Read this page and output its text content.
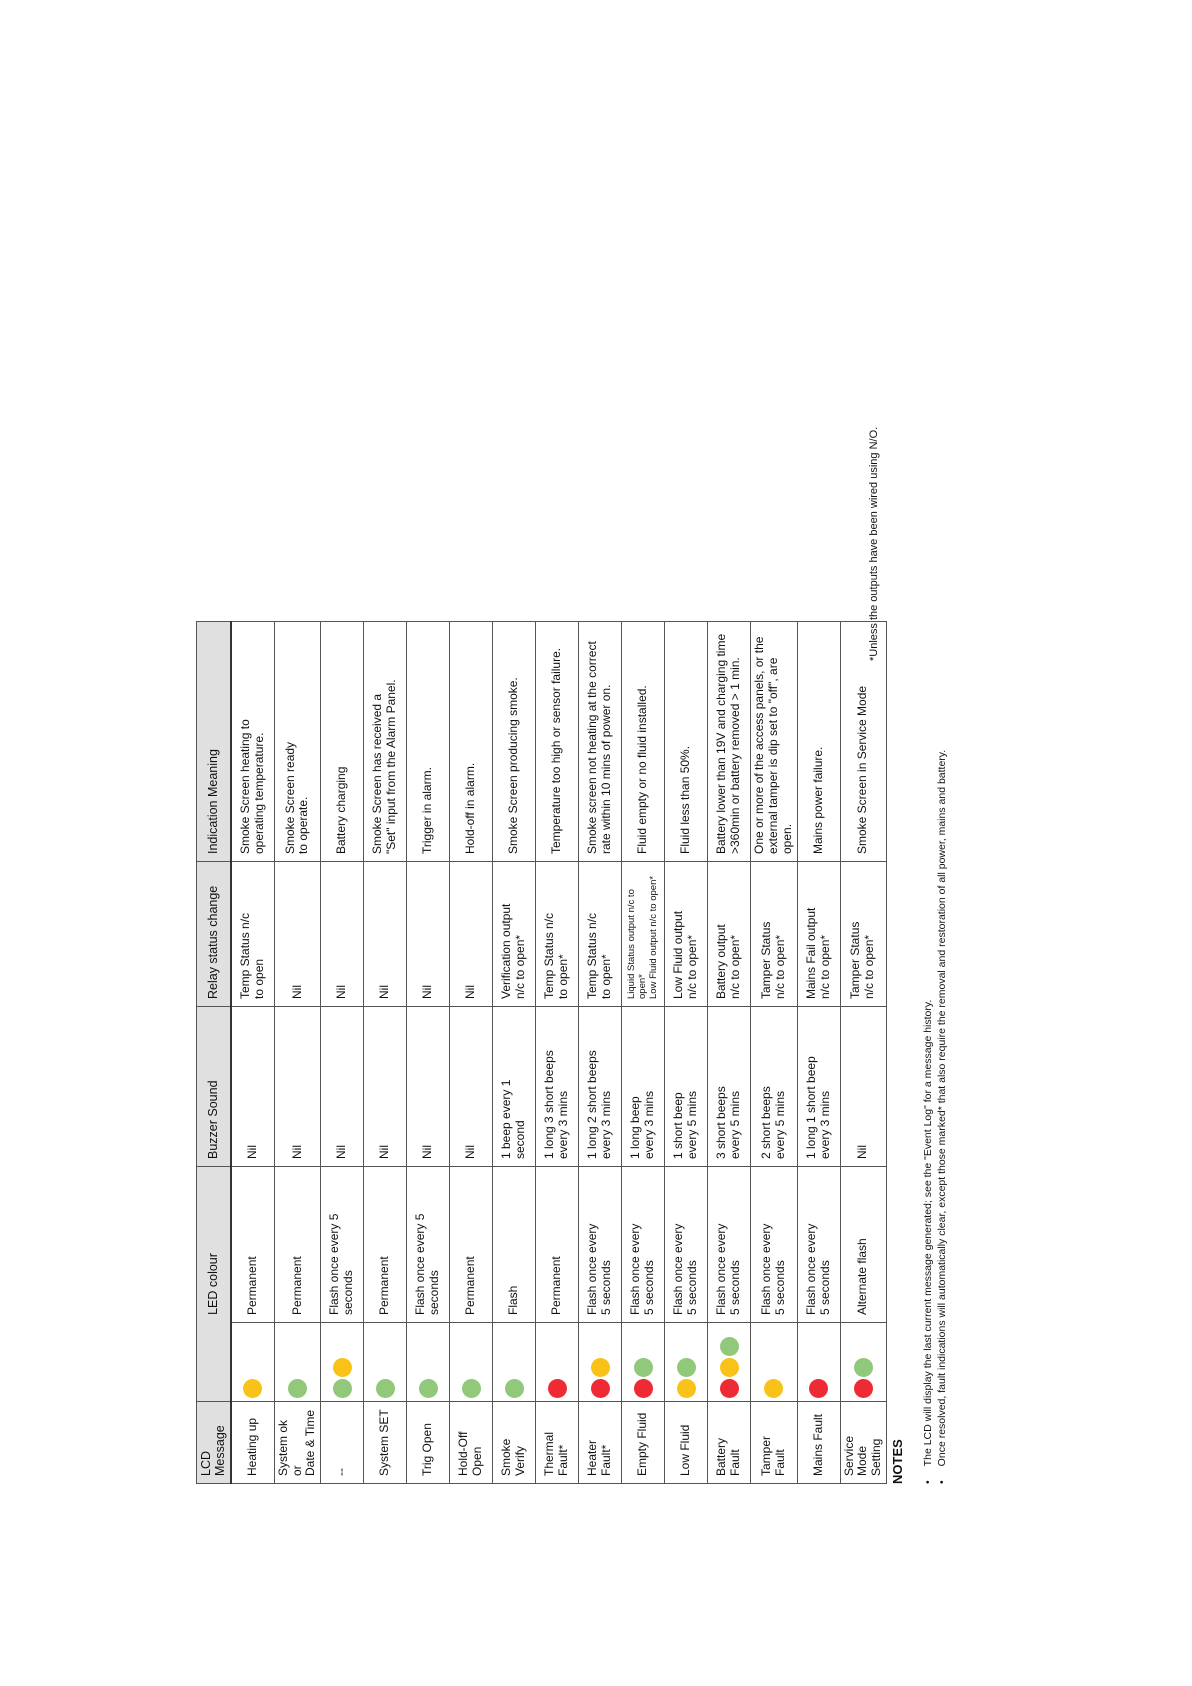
LCD Message	LED colour		Buzzer Sound	Relay status change	Indication Meaning

Heating up		Permanent	Nil	Temp Status n/c to open	Smoke Screen heating to operating temperature.

System ok or Date & Time		Permanent	Nil	Nil	Smoke Screen ready to operate.

--		Flash once every 5 seconds	Nil	Nil	Battery charging

System SET		Permanent	Nil	Nil	Smoke Screen has received a "Set" input from the Alarm Panel.

Trig Open		Flash once every 5 seconds	Nil	Nil	Trigger in alarm.

Hold-Off Open		Permanent	Nil	Nil	Hold-off in alarm.

Smoke Verify		Flash	1 beep every 1 second	Verification output n/c to open*	Smoke Screen producing smoke.

Thermal Fault*		Permanent	1 long 3 short beeps every 3 mins	Temp Status n/c to open*	Temperature too high or sensor failure.

Heater Fault*		Flash once every 5 seconds	1 long 2 short beeps every 3 mins	Temp Status n/c to open*	Smoke screen not heating at the correct rate within 10 mins of power on.

Empty Fluid		Flash once every 5 seconds	1 long beep every 3 mins	Liquid Status output n/c to open* Low Fluid output n/c to open*	Fluid empty or no fluid installed.

Low Fluid		Flash once every 5 seconds	1 short beep every 5 mins	Low Fluid output n/c to open*	Fluid less than 50%.

Battery Fault		Flash once every 5 seconds	3 short beeps every 5 mins	Battery output n/c to open*	Battery lower than 19V and charging time >360min or battery removed > 1 min.

Tamper Fault		Flash once every 5 seconds	2 short beeps every 5 mins	Tamper Status n/c to open*	One or more of the access panels, or the external tamper is dip set to "off", are open.

Mains Fault		Flash once every 5 seconds	1 long 1 short beep every 3 mins	Mains Fail output n/c to open*	Mains power failure.

Service Mode Setting		Alternate flash	Nil	Tamper Status n/c to open*	Smoke Screen in Service Mode
NOTES
*Unless the outputs have been wired using N/O.
• The LCD will display the last current message generated; see the "Event Log" for a message history. • Once resolved, fault indications will automatically clear, except those marked* that also require the removal and restoration of all power, mains and battery.
